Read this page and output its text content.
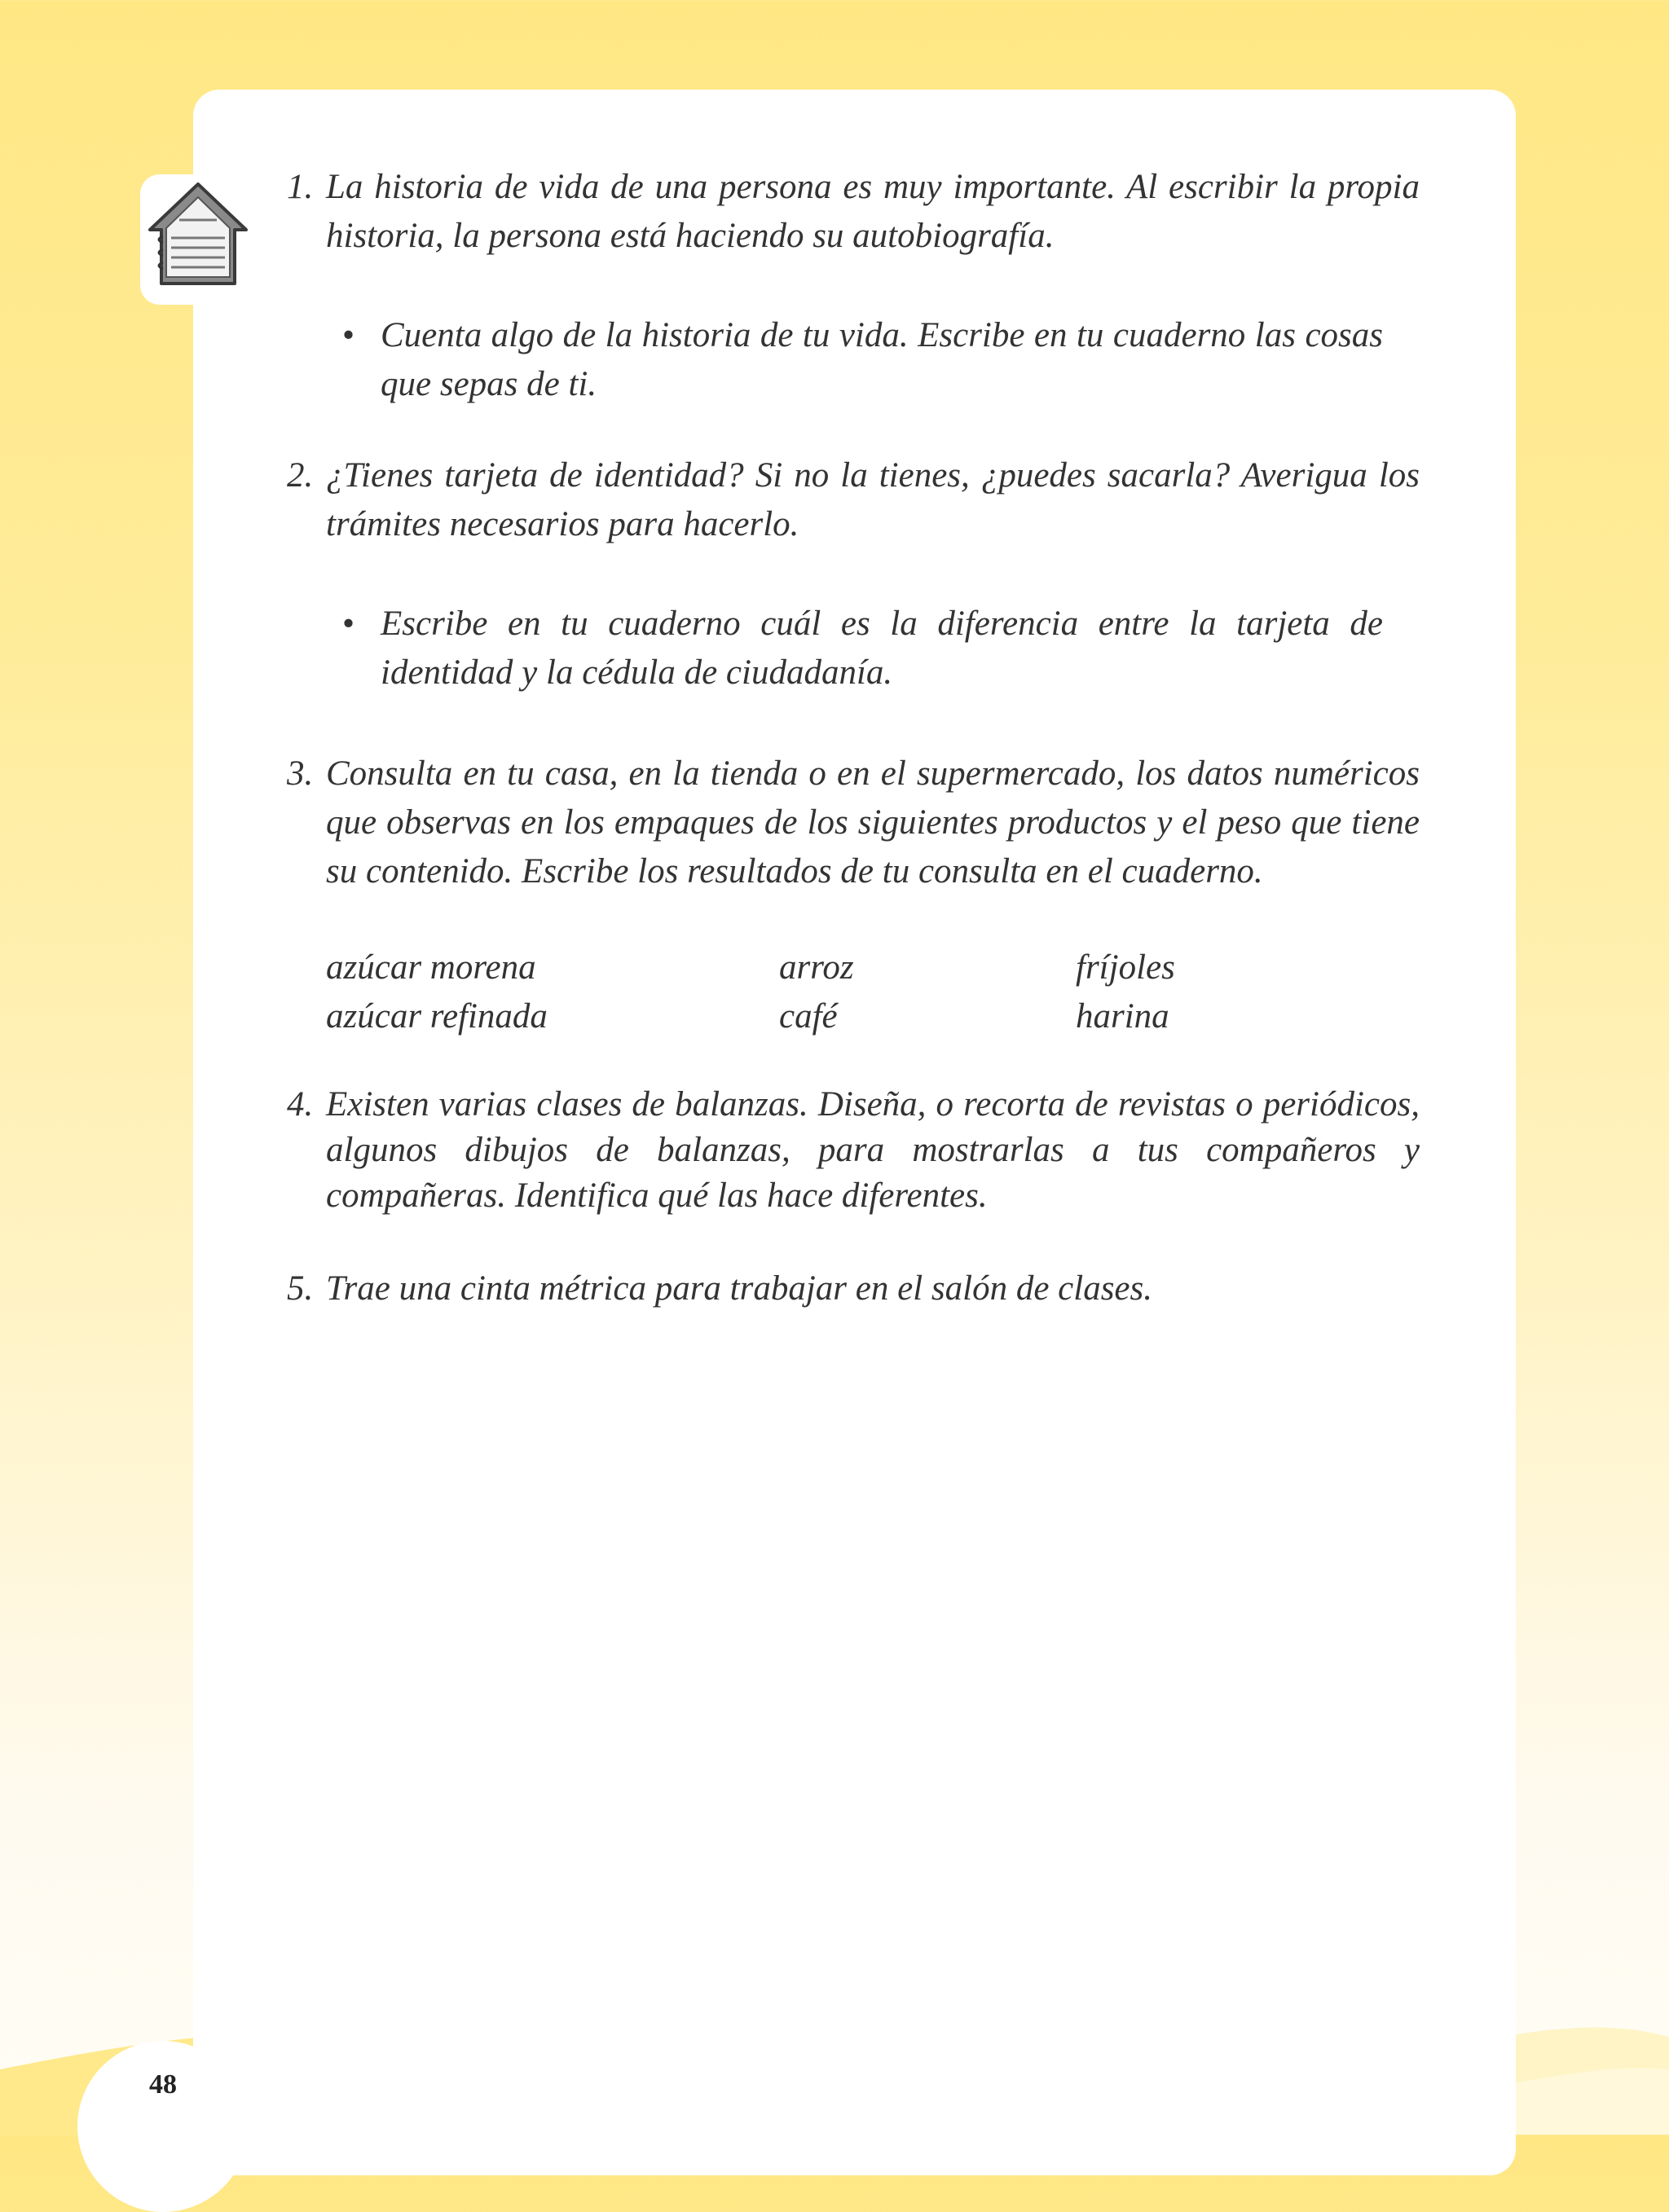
1. La historia de vida de una persona es muy importante. Al escribir la propia historia, la persona está haciendo su autobiografía.
• Cuenta algo de la historia de tu vida. Escribe en tu cuaderno las cosas que sepas de ti.
2. ¿Tienes tarjeta de identidad? Si no la tienes, ¿puedes sacarla? Averigua los trámites necesarios para hacerlo.
• Escribe en tu cuaderno cuál es la diferencia entre la tarjeta de identidad y la cédula de ciudadanía.
3. Consulta en tu casa, en la tienda o en el supermercado, los datos numéricos que observas en los empaques de los siguientes productos y el peso que tiene su contenido. Escribe los resultados de tu consulta en el cuaderno.
azúcar morena	arroz	fríjoles
azúcar refinada	café	harina
4. Existen varias clases de balanzas. Diseña, o recorta de revistas o periódicos, algunos dibujos de balanzas, para mostrarlas a tus compañeros y compañeras. Identifica qué las hace diferentes.
5. Trae una cinta métrica para trabajar en el salón de clases.
48
